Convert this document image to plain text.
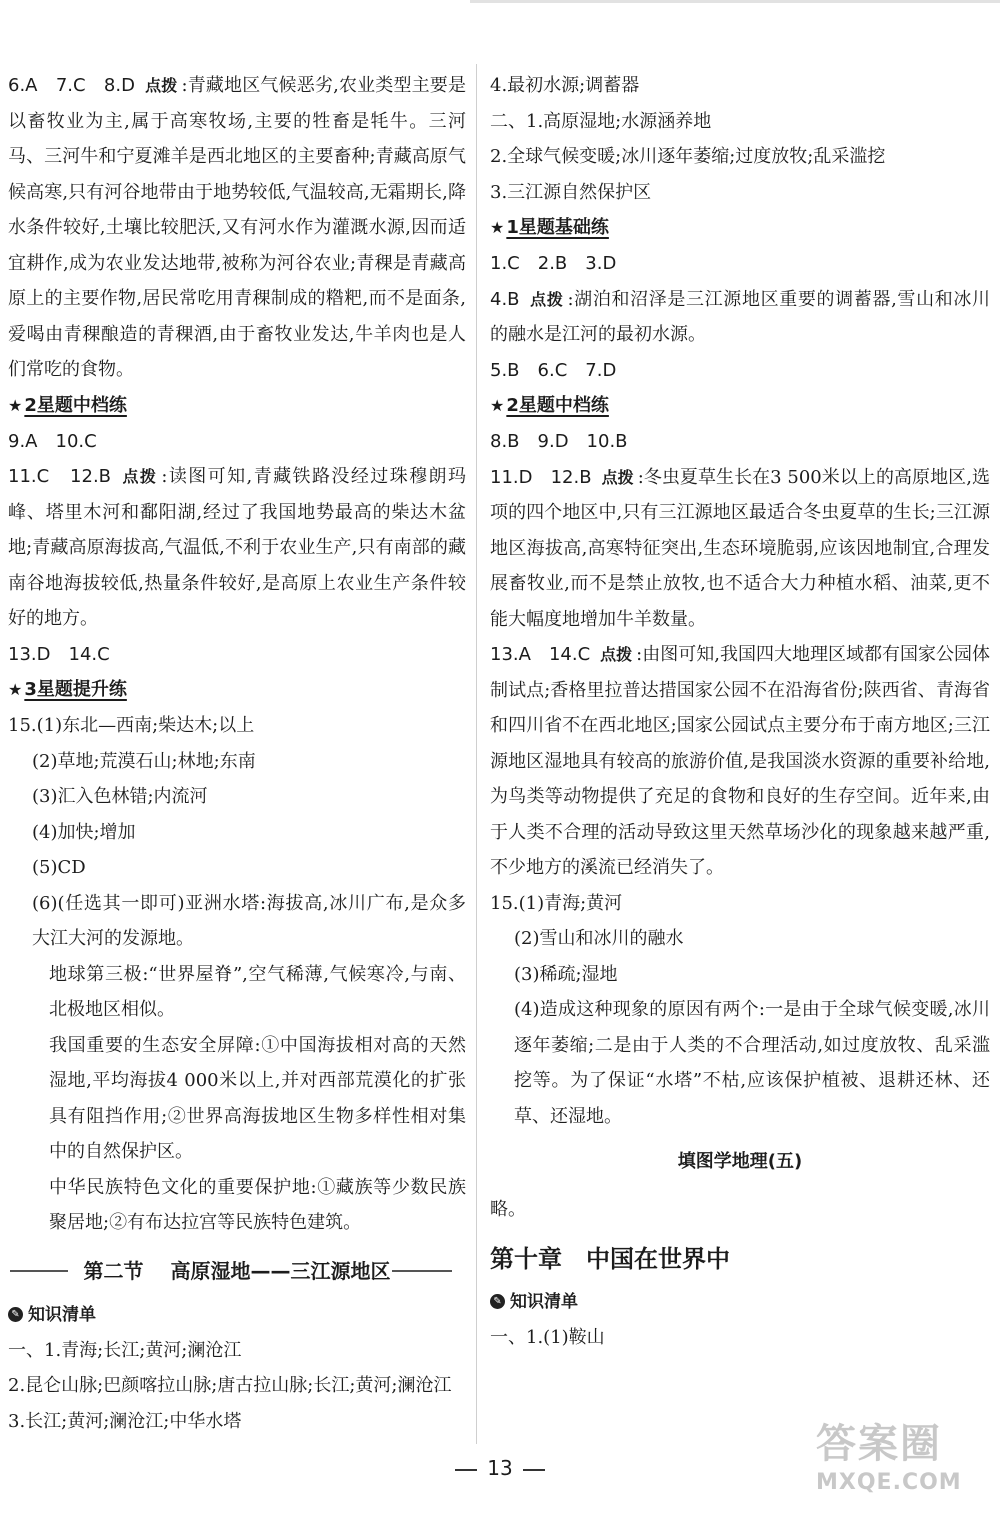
6.A　7.C　8.D 点拨 :青藏地区气候恶劣,农业类型主要是以畜牧业为主,属于高寒牧场,主要的牲畜是牦牛。三河马、三河牛和宁夏滩羊是西北地区的主要畜种;青藏高原气候高寒,只有河谷地带由于地势较低,气温较高,无霜期长,降水条件较好,土壤比较肥沃,又有河水作为灌溉水源,因而适宜耕作,成为农业发达地带,被称为河谷农业;青稞是青藏高原上的主要作物,居民常吃用青稞制成的糌粑,而不是面条,爱喝由青稞酿造的青稞酒,由于畜牧业发达,牛羊肉也是人们常吃的食物。

★ 2星题中档练

9.A　10.C

11.C　12.B 点拨 :读图可知,青藏铁路没经过珠穆朗玛峰、塔里木河和鄱阳湖,经过了我国地势最高的柴达木盆地;青藏高原海拔高,气温低,不利于农业生产,只有南部的藏南谷地海拔较低,热量条件较好,是高原上农业生产条件较好的地方。

13.D　14.C

★ 3星题提升练

15.(1)东北—西南;柴达木;以上

(2)草地;荒漠石山;林地;东南

(3)汇入色林错;内流河

(4)加快;增加

(5)CD

(6)(任选其一即可)亚洲水塔:海拔高,冰川广布,是众多大江大河的发源地。

地球第三极:“世界屋脊”,空气稀薄,气候寒冷,与南、北极地区相似。

我国重要的生态安全屏障:①中国海拔相对高的天然湿地,平均海拔4 000米以上,并对西部荒漠化的扩张具有阻挡作用;②世界高海拔地区生物多样性相对集中的自然保护区。

中华民族特色文化的重要保护地:①藏族等少数民族聚居地;②有布达拉宫等民族特色建筑。

第二节　 高原湿地——三江源地区

✎ 知识清单

一、1.青海;长江;黄河;澜沧江

2.昆仑山脉;巴颜喀拉山脉;唐古拉山脉;长江;黄河;澜沧江

3.长江;黄河;澜沧江;中华水塔

4.最初水源;调蓄器

二、1.高原湿地;水源涵养地

2.全球气候变暖;冰川逐年萎缩;过度放牧;乱采滥挖

3.三江源自然保护区

★ 1星题基础练

1.C　2.B　3.D

4.B 点拨 :湖泊和沼泽是三江源地区重要的调蓄器,雪山和冰川的融水是江河的最初水源。

5.B　6.C　7.D

★ 2星题中档练

8.B　9.D　10.B

11.D　12.B 点拨 :冬虫夏草生长在3 500米以上的高原地区,选项的四个地区中,只有三江源地区最适合冬虫夏草的生长;三江源地区海拔高,高寒特征突出,生态环境脆弱,应该因地制宜,合理发展畜牧业,而不是禁止放牧,也不适合大力种植水稻、油菜,更不能大幅度地增加牛羊数量。

13.A　14.C 点拨 :由图可知,我国四大地理区域都有国家公园体制试点;香格里拉普达措国家公园不在沿海省份;陕西省、青海省和四川省不在西北地区;国家公园试点主要分布于南方地区;三江源地区湿地具有较高的旅游价值,是我国淡水资源的重要补给地,为鸟类等动物提供了充足的食物和良好的生存空间。近年来,由于人类不合理的活动导致这里天然草场沙化的现象越来越严重,不少地方的溪流已经消失了。

15.(1)青海;黄河

(2)雪山和冰川的融水

(3)稀疏;湿地

(4)造成这种现象的原因有两个:一是由于全球气候变暖,冰川逐年萎缩;二是由于人类的不合理活动,如过度放牧、乱采滥挖等。为了保证“水塔”不枯,应该保护植被、退耕还林、还草、还湿地。

填图学地理(五)

略。

第十章 中国在世界中

✎ 知识清单

一、1.(1)鞍山

13
答案圈
MXQE.COM
